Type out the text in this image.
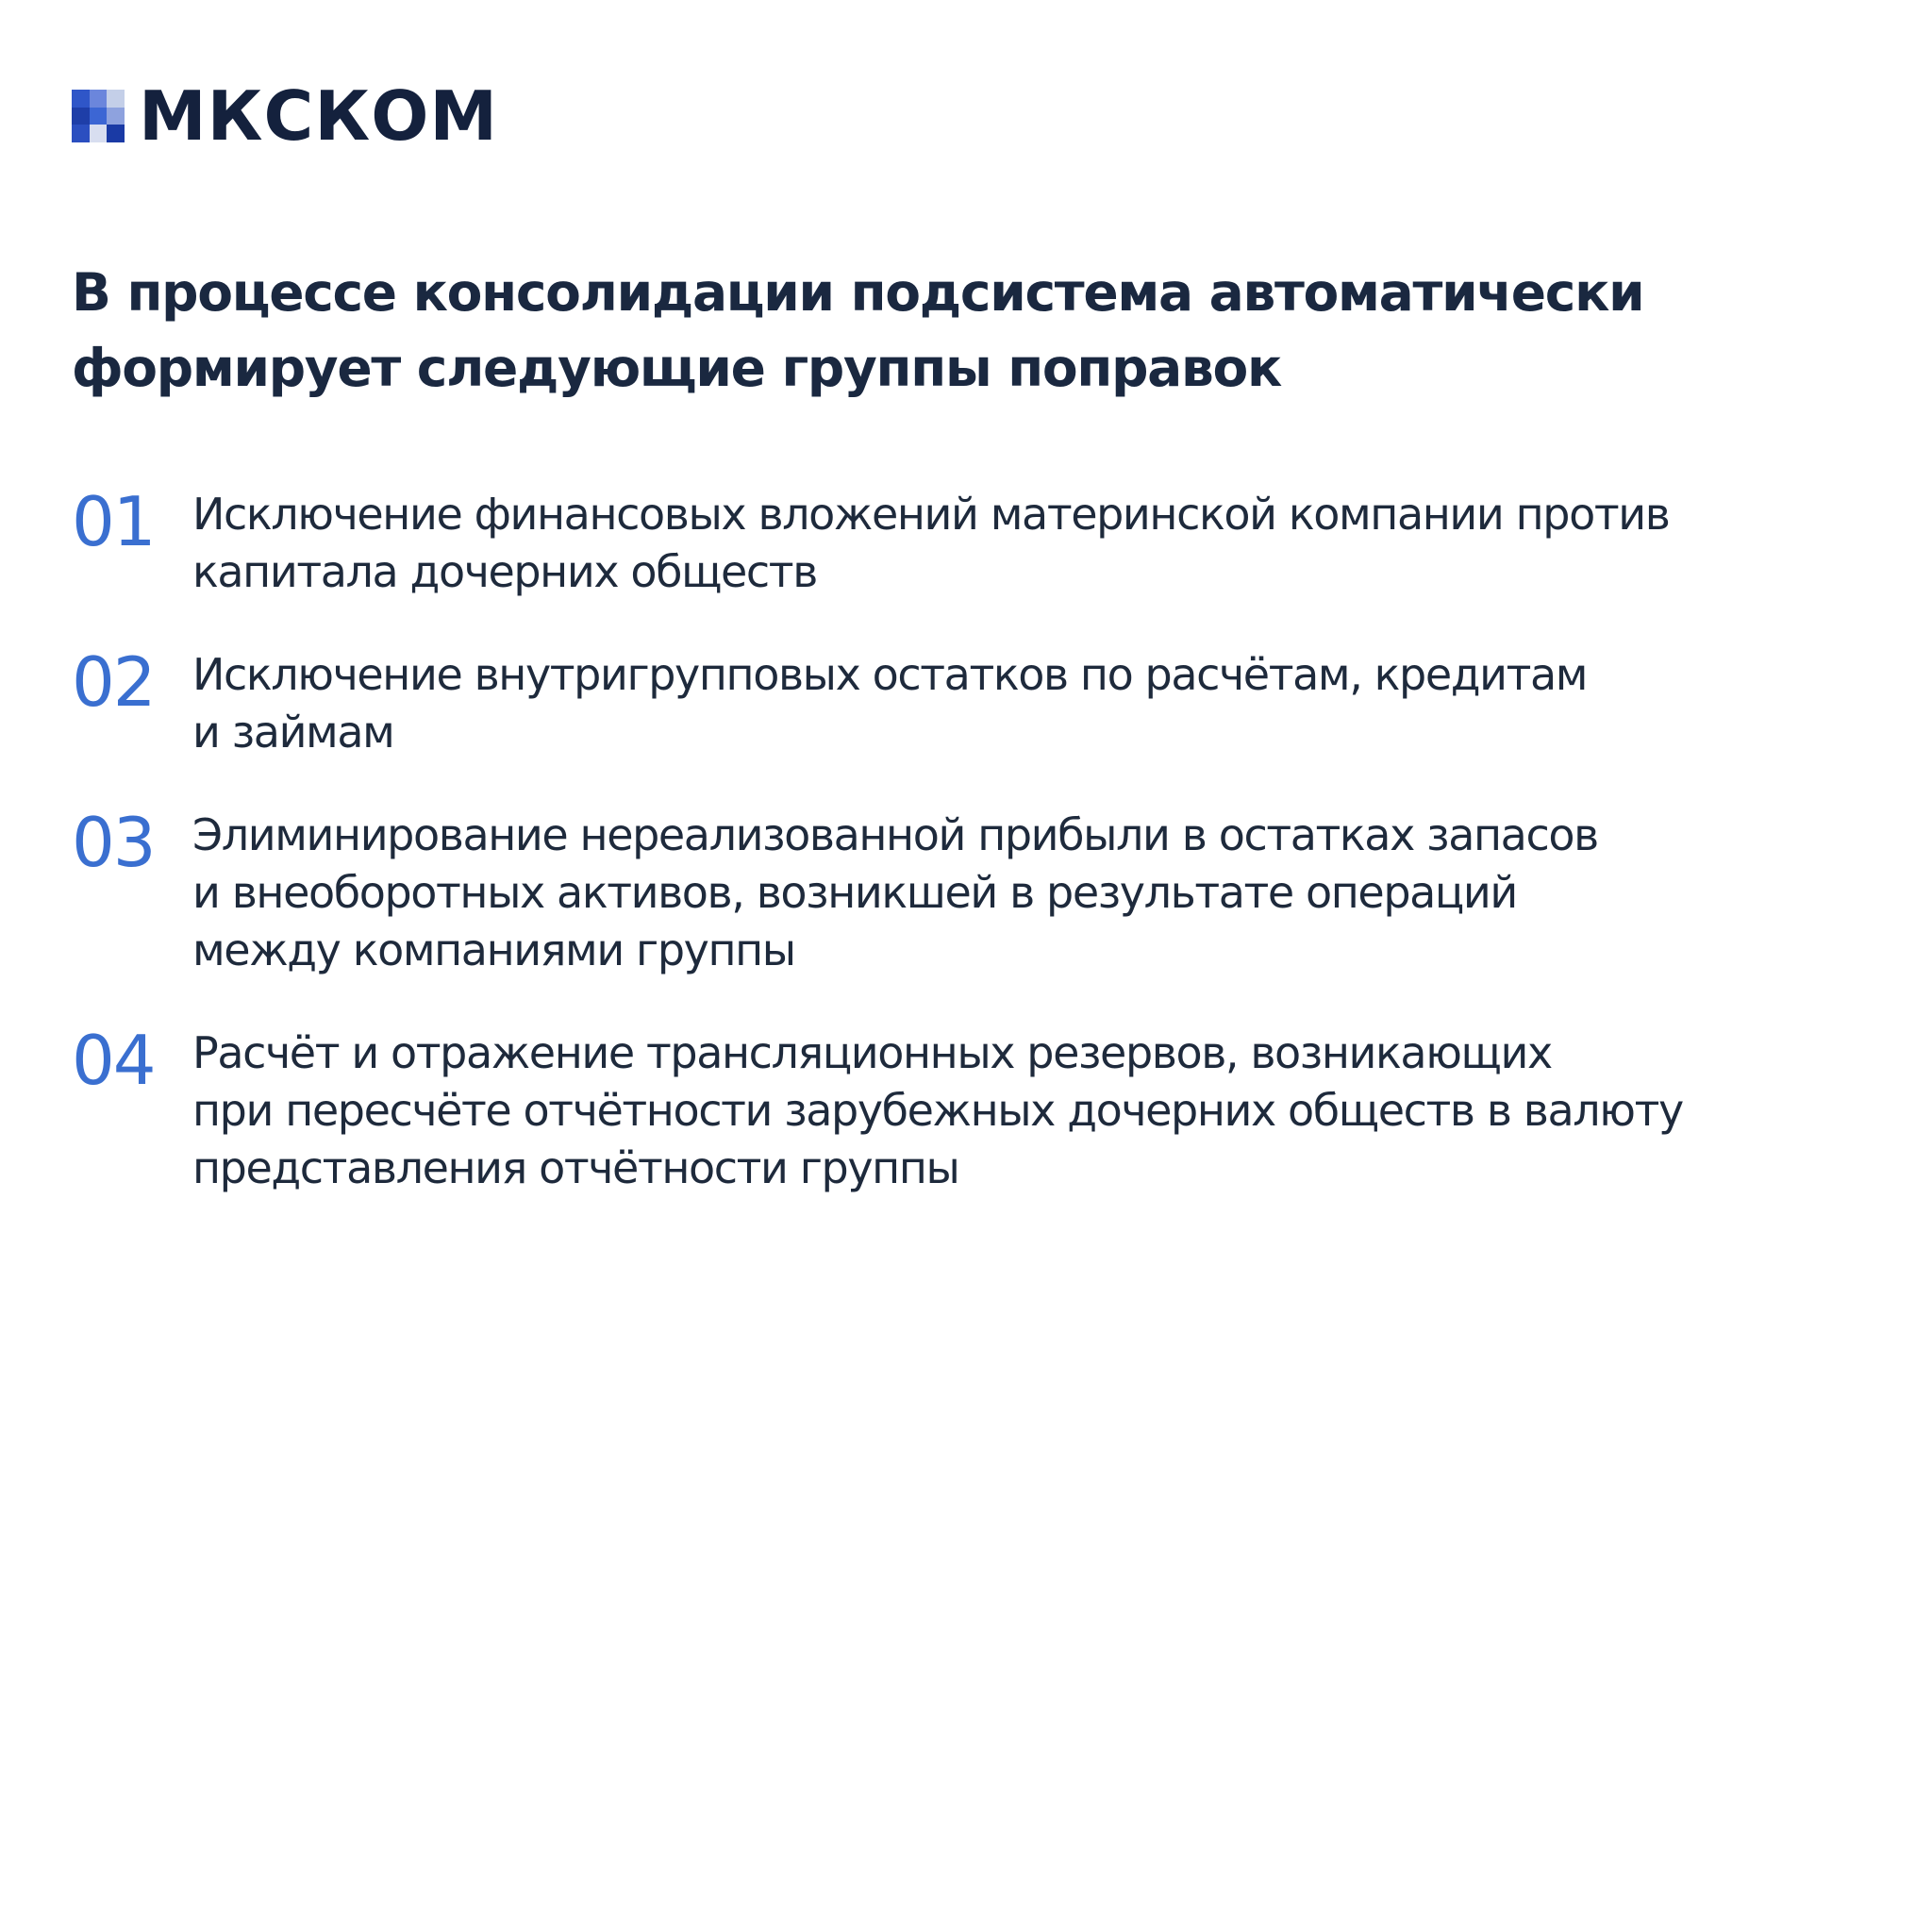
МКСКОМ
В процессе консолидации подсистема автоматически
формирует следующие группы поправок
01 Исключение финансовых вложений материнской компании против
капитала дочерних обществ
02 Исключение внутригрупповых остатков по расчётам, кредитам
и займам
03 Элиминирование нереализованной прибыли в остатках запасов
и внеоборотных активов, возникшей в результате операций
между компаниями группы
04 Расчёт и отражение трансляционных резервов, возникающих
при пересчёте отчётности зарубежных дочерних обществ в валюту
представления отчётности группы
